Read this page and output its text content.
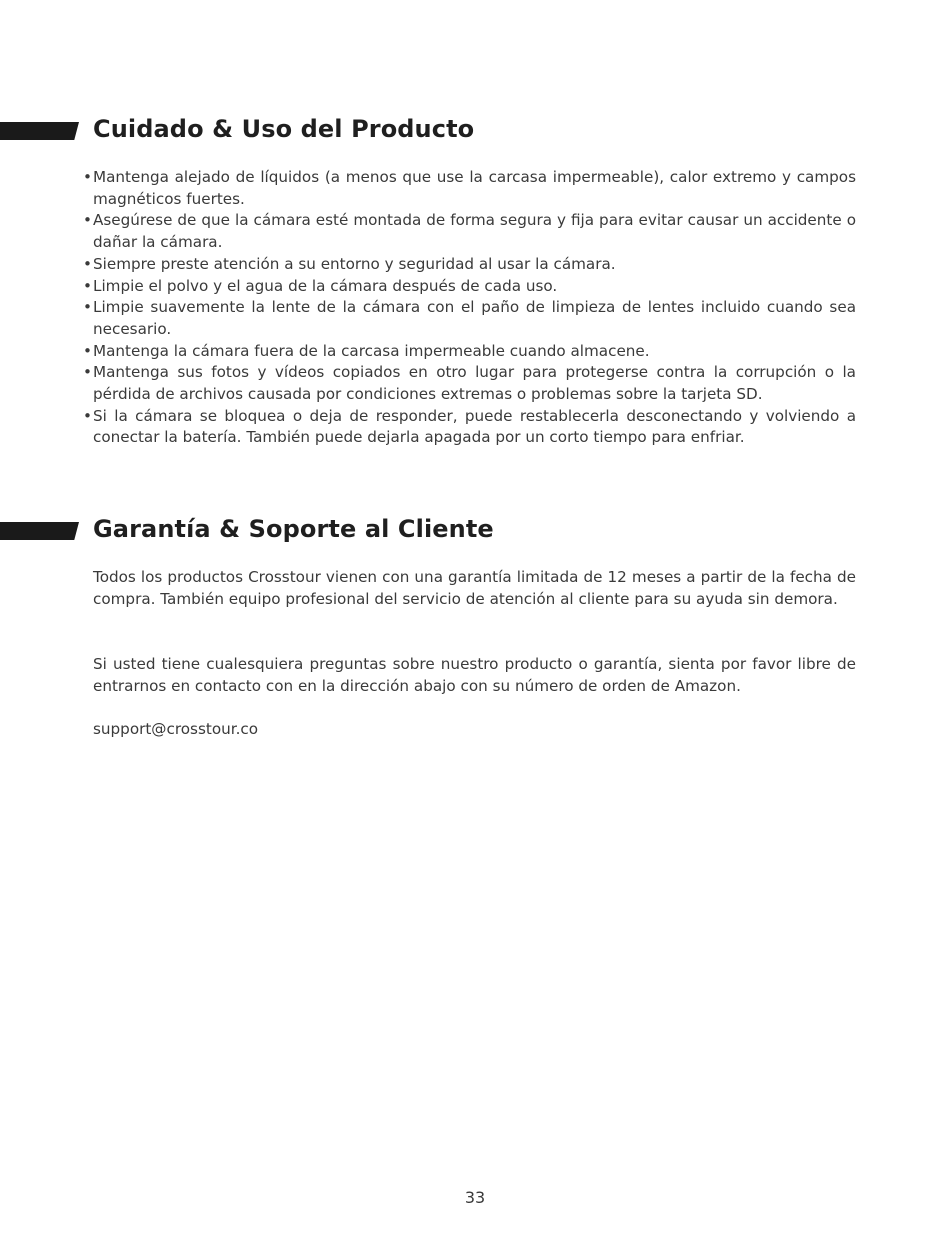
Cuidado & Uso del Producto
• Mantenga alejado de líquidos (a menos que use la carcasa impermeable), calor extremo y campos magnéticos fuertes.
• Asegúrese de que la cámara esté montada de forma segura y fija para evitar causar un accidente o dañar la cámara.
• Siempre preste atención a su entorno y seguridad al usar la cámara.
• Limpie el polvo y el agua de la cámara después de cada uso.
• Limpie suavemente la lente de la cámara con el paño de limpieza de lentes incluido cuando sea necesario.
• Mantenga la cámara fuera de la carcasa impermeable cuando almacene.
• Mantenga sus fotos y vídeos copiados en otro lugar para protegerse contra la corrupción o la pérdida de archivos causada por condiciones extremas o problemas sobre la tarjeta SD.
• Si la cámara se bloquea o deja de responder, puede restablecerla desconectando y volviendo a conectar la batería. También puede dejarla apagada por un corto tiempo para enfriar.
Garantía & Soporte al Cliente

Todos los productos Crosstour vienen con una garantía limitada de 12 meses a partir de la fecha de compra. También equipo profesional del servicio de atención al cliente para su ayuda sin demora.

Si usted tiene cualesquiera preguntas sobre nuestro producto o garantía, sienta por favor libre de entrarnos en contacto con en la dirección abajo con su número de orden de Amazon.

support@crosstour.co

33
